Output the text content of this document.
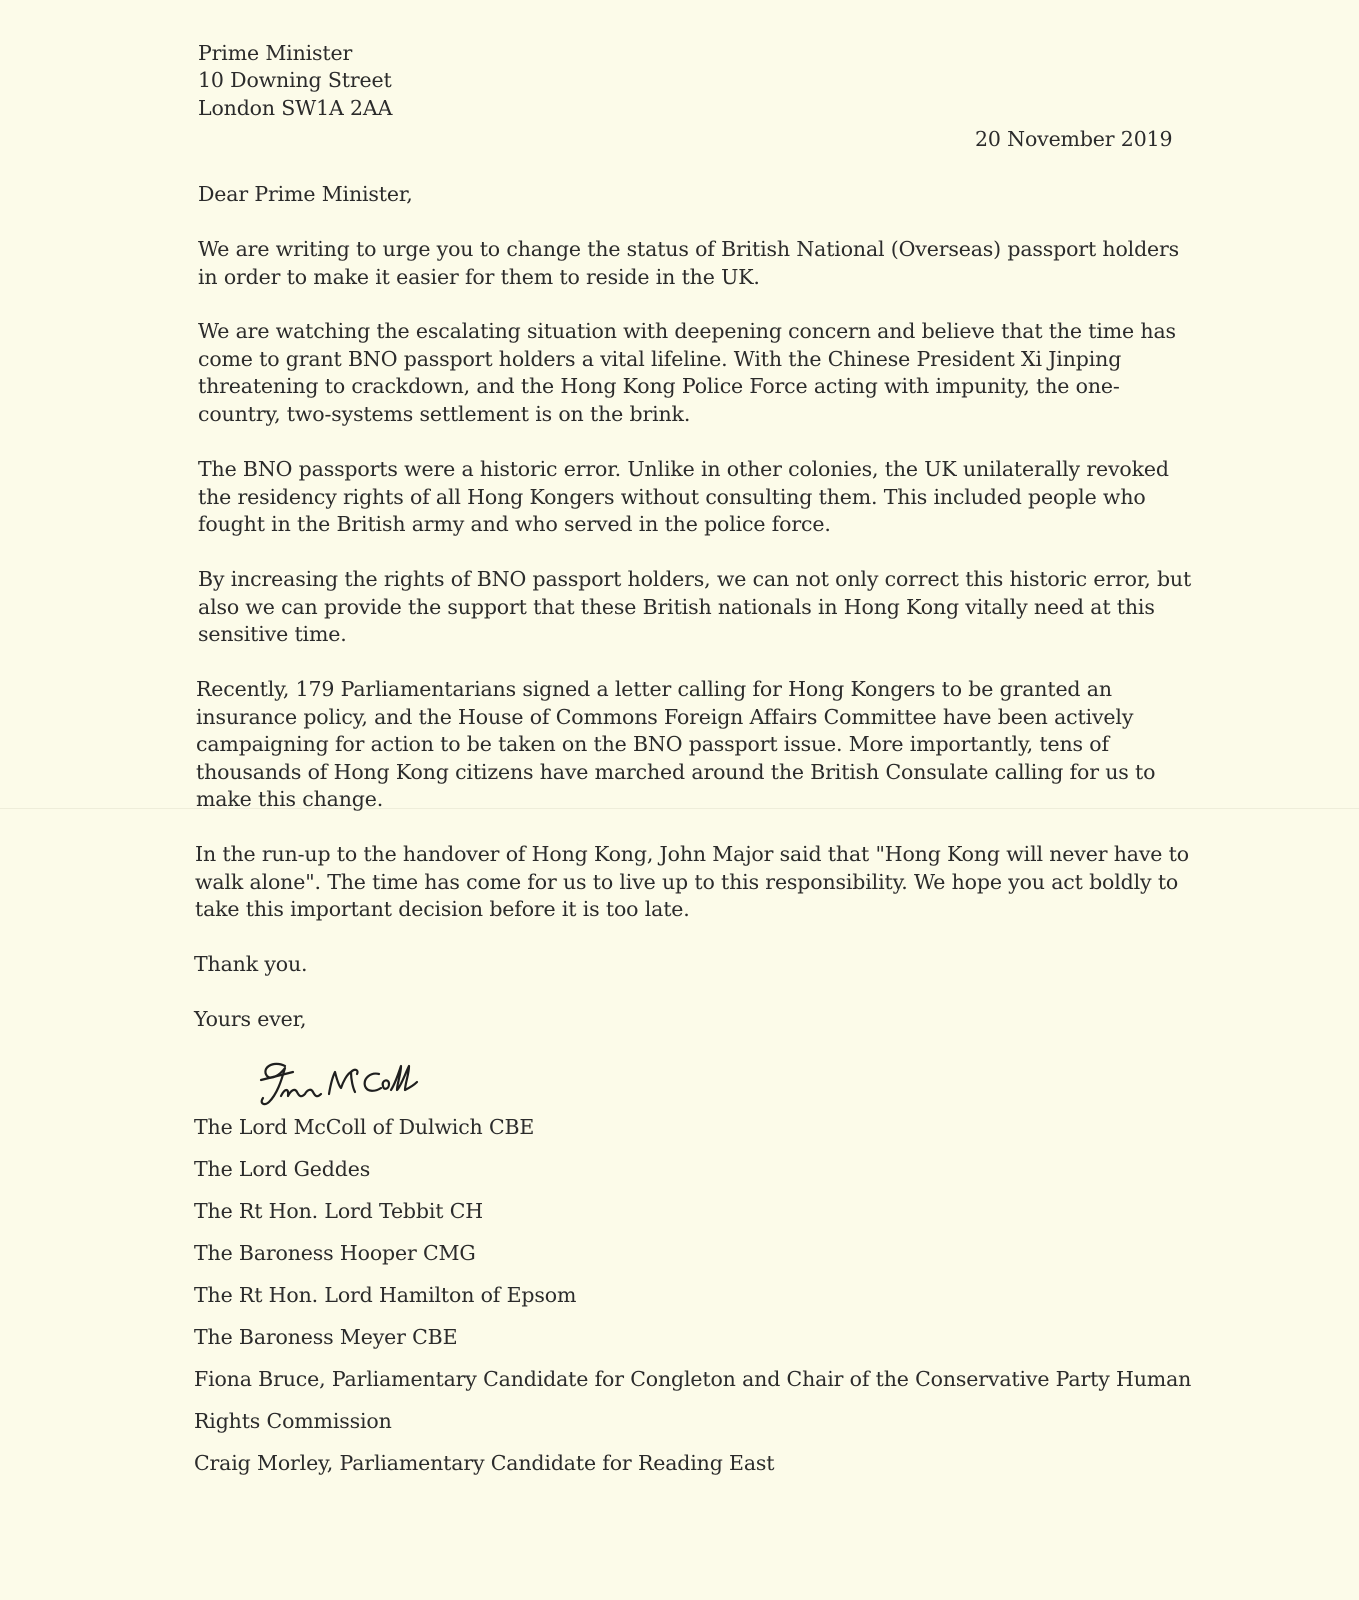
Prime Minister
10 Downing Street
London SW1A 2AA
20 November 2019
Dear Prime Minister,
We are writing to urge you to change the status of British National (Overseas) passport holders
in order to make it easier for them to reside in the UK.
We are watching the escalating situation with deepening concern and believe that the time has
come to grant BNO passport holders a vital lifeline. With the Chinese President Xi Jinping
threatening to crackdown, and the Hong Kong Police Force acting with impunity, the one-
country, two-systems settlement is on the brink.
The BNO passports were a historic error. Unlike in other colonies, the UK unilaterally revoked
the residency rights of all Hong Kongers without consulting them. This included people who
fought in the British army and who served in the police force.
By increasing the rights of BNO passport holders, we can not only correct this historic error, but
also we can provide the support that these British nationals in Hong Kong vitally need at this
sensitive time.
Recently, 179 Parliamentarians signed a letter calling for Hong Kongers to be granted an
insurance policy, and the House of Commons Foreign Affairs Committee have been actively
campaigning for action to be taken on the BNO passport issue. More importantly, tens of
thousands of Hong Kong citizens have marched around the British Consulate calling for us to
make this change.
In the run-up to the handover of Hong Kong, John Major said that "Hong Kong will never have to
walk alone". The time has come for us to live up to this responsibility. We hope you act boldly to
take this important decision before it is too late.
Thank you.
Yours ever,
The Lord McColl of Dulwich CBE
The Lord Geddes
The Rt Hon. Lord Tebbit CH
The Baroness Hooper CMG
The Rt Hon. Lord Hamilton of Epsom
The Baroness Meyer CBE
Fiona Bruce, Parliamentary Candidate for Congleton and Chair of the Conservative Party Human
Rights Commission
Craig Morley, Parliamentary Candidate for Reading East
